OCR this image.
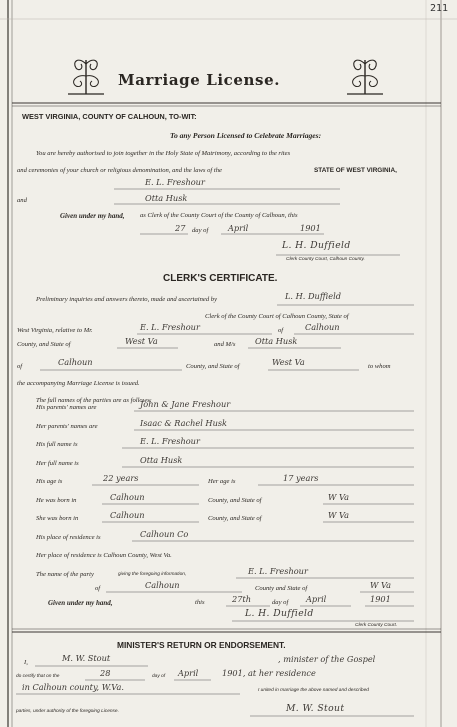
211
Marriage License.
WEST VIRGINIA, COUNTY OF CALHOUN, TO-WIT:
To any Person Licensed to Celebrate Marriages:
You are hereby authorised to join together in the Holy State of Matrimony, according to the rites
and ceremonies of your church or religious denomination, and the laws of the	STATE OF WEST VIRGINIA,
E. L. Freshour
and	Otta Husk
Given under my hand, as Clerk of the County Court of the County of Calhoun, this
27 day of April	1901
L. H. Duffield
Clerk County Court, Calhoun County.
CLERK'S CERTIFICATE.
Preliminary inquiries and answers thereto, made and ascertained by	L. H. Duffield
Clerk of the County Court of Calhoun County, State of
West Virginia, relative to Mr.	E. L. Freshour	of	Calhoun
County, and State of	West Va	and M/s Otta Husk
of	Calhoun	County, and State of	West Va	to whom
the accompanying Marriage License is issued.
The full names of the parties are as follows:
His parents' names are	John & Jane Freshour
Her parents' names are	Isaac & Rachel Husk
His full name is	E. L. Freshour
Her full name is	Otta Husk
His age is	22 years	Her age is	17 years
He was born in	Calhoun	County, and State of	W Va
She was born in	Calhoun	County, and State of	W Va
His place of residence is	Calhoun Co
Her place of residence is Calhoun County, West Va.
The name of the party	giving the foregoing information,	E. L. Freshour
of	Calhoun	County and State of	W Va
Given under my hand,	this	27th	day of April	1901
L. H. Duffield
Clerk County Court.
MINISTER'S RETURN OR ENDORSEMENT.
I,	M. W. Stout	, minister of the Gospel
do certify that on the	28	day of April	1901, at her residence
in Calhoun county, W.Va.	I united in marriage the above named and described
parties, under authority of the foregoing License.	M. W. Stout
